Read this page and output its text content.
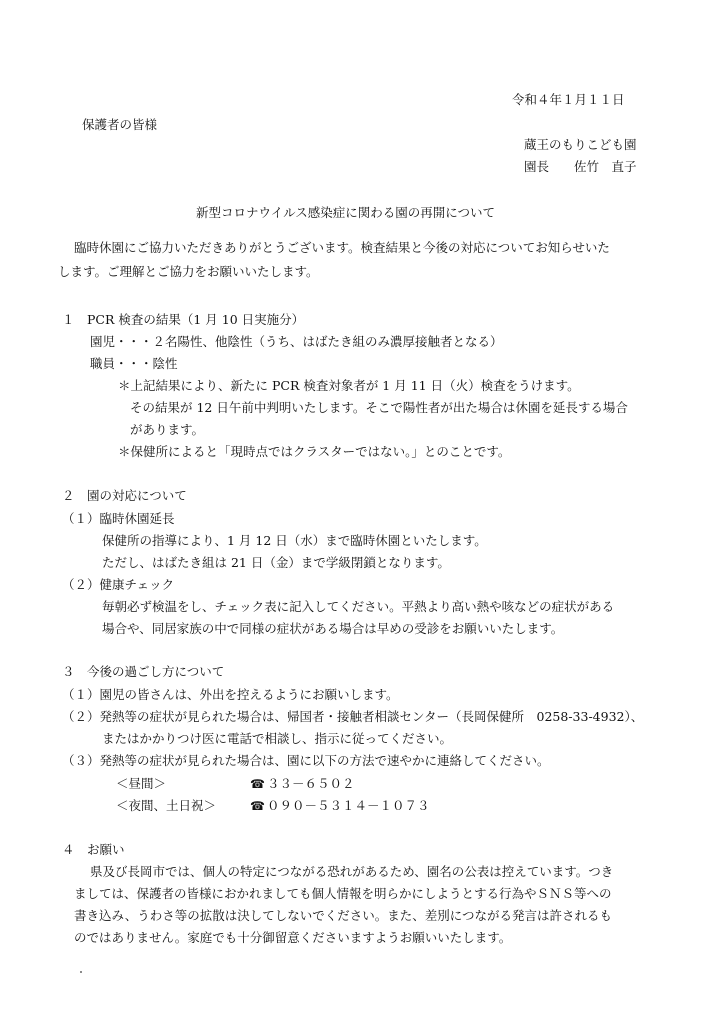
令和４年１月１１日
保護者の皆様
蔵王のもりこども園
園長　　佐竹　直子
新型コロナウイルス感染症に関わる園の再開について
臨時休園にご協力いただきありがとうございます。検査結果と今後の対応についてお知らせいた
します。ご理解とご協力をお願いいたします。
１　PCR 検査の結果（1 月 10 日実施分）
園児・・・２名陽性、他陰性（うち、はばたき組のみ濃厚接触者となる）
職員・・・陰性
＊上記結果により、新たに PCR 検査対象者が 1 月 11 日（火）検査をうけます。
その結果が 12 日午前中判明いたします。そこで陽性者が出た場合は休園を延長する場合
があります。
＊保健所によると「現時点ではクラスターではない。」とのことです。
２　園の対応について
（１）臨時休園延長
保健所の指導により、1 月 12 日（水）まで臨時休園といたします。
ただし、はばたき組は 21 日（金）まで学級閉鎖となります。
（２）健康チェック
毎朝必ず検温をし、チェック表に記入してください。平熱より高い熱や咳などの症状がある
場合や、同居家族の中で同様の症状がある場合は早めの受診をお願いいたします。
３　今後の過ごし方について
（１）園児の皆さんは、外出を控えるようにお願いします。
（２）発熱等の症状が見られた場合は、帰国者・接触者相談センター（長岡保健所　0258-33-4932）、
またはかかりつけ医に電話で相談し、指示に従ってください。
（３）発熱等の症状が見られた場合は、園に以下の方法で速やかに連絡してください。
＜昼間＞	☎ ３３－６５０２
＜夜間、土日祝＞	☎ ０９０－５３１４－１０７３
４　お願い
県及び長岡市では、個人の特定につながる恐れがあるため、園名の公表は控えています。つき
ましては、保護者の皆様におかれましても個人情報を明らかにしようとする行為やＳＮＳ等への
書き込み、うわさ等の拡散は決してしないでください。また、差別につながる発言は許されるも
のではありません。家庭でも十分御留意くださいますようお願いいたします。
